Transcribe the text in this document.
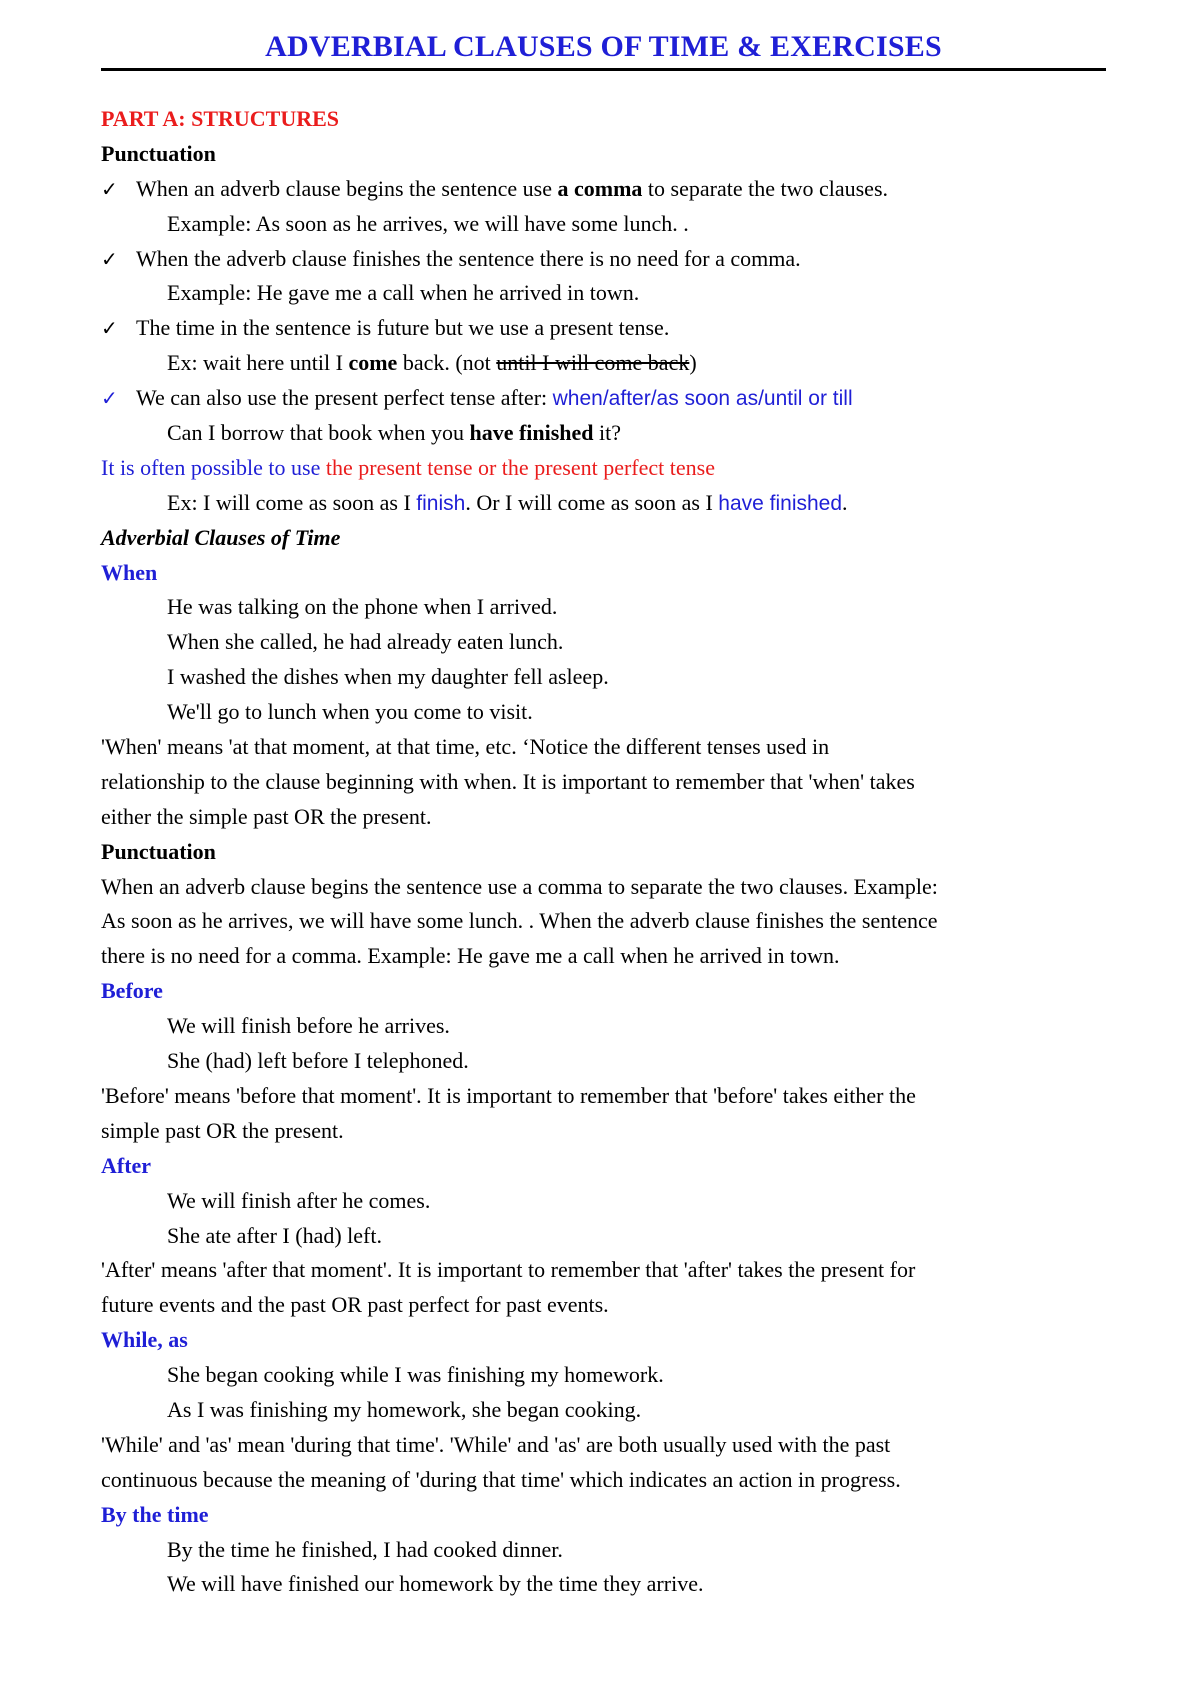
ADVERBIAL CLAUSES OF TIME & EXERCISES
PART A: STRUCTURES
Punctuation
✓ When an adverb clause begins the sentence use a comma to separate the two clauses.
Example: As soon as he arrives, we will have some lunch. .
✓ When the adverb clause finishes the sentence there is no need for a comma.
Example: He gave me a call when he arrived in town.
✓ The time in the sentence is future but we use a present tense.
Ex: wait here until I come back. (not until I will come back)
✓ We can also use the present perfect tense after: when/after/as soon as/until or till
Can I borrow that book when you have finished it?
It is often possible to use the present tense or the present perfect tense
Ex: I will come as soon as I finish. Or I will come as soon as I have finished.
Adverbial Clauses of Time
When
He was talking on the phone when I arrived.
When she called, he had already eaten lunch.
I washed the dishes when my daughter fell asleep.
We'll go to lunch when you come to visit.
'When' means 'at that moment, at that time, etc. ‘Notice the different tenses used in
relationship to the clause beginning with when. It is important to remember that 'when' takes
either the simple past OR the present.
Punctuation
When an adverb clause begins the sentence use a comma to separate the two clauses. Example:
As soon as he arrives, we will have some lunch. . When the adverb clause finishes the sentence
there is no need for a comma. Example: He gave me a call when he arrived in town.
Before
We will finish before he arrives.
She (had) left before I telephoned.
'Before' means 'before that moment'. It is important to remember that 'before' takes either the
simple past OR the present.
After
We will finish after he comes.
She ate after I (had) left.
'After' means 'after that moment'. It is important to remember that 'after' takes the present for
future events and the past OR past perfect for past events.
While, as
She began cooking while I was finishing my homework.
As I was finishing my homework, she began cooking.
'While' and 'as' mean 'during that time'. 'While' and 'as' are both usually used with the past
continuous because the meaning of 'during that time' which indicates an action in progress.
By the time
By the time he finished, I had cooked dinner.
We will have finished our homework by the time they arrive.
